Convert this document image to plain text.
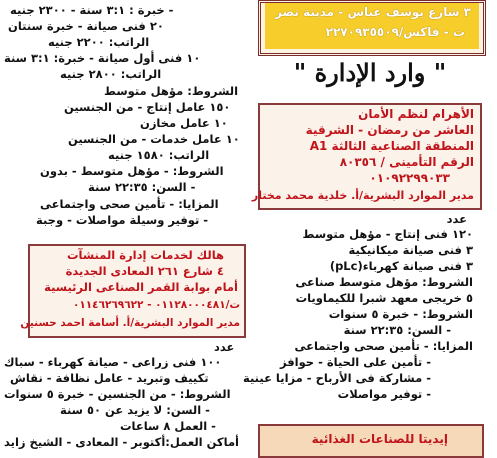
٣ شارع يوسف عباس - مدينة نصر
ت - فاكس/٢٢٧٠٩٣٥٥٠٩
" وارد الإدارة "
الأهرام لنظم الأمان
العاشر من رمضان - الشرقية
المنطقة الصناعية الثالثة A1
الرقم التأمينى / ٨٠٣٥٦
٠١٠٩٢٢٩٩٠٣٣
مدير الموارد البشرية/أ. خلدية محمد مختار
عدد
١٢٠ فنى إنتاج - مؤهل متوسط
٣ فنى صيانة ميكانيكية
٣ فنى صيانة كهرباء(pLc)
الشروط: مؤهل متوسط صناعى
٥ خريجى معهد شبرا للكيماويات
الشروط: - خبرة ٥ سنوات
- السن: ٢٢:٣٥ سنة
المزايا: - تأمين صحى واجتماعى
- تأمين على الحياة - حوافز
- مشاركة فى الأرباح - مزايا عينية
- توفير مواصلات
إيديتا للصناعات الغذائية
- خبرة : ٣:١ سنة - ٢٣٠٠ جنيه
٢٠ فنى صيانة - خبرة سنتان
الراتب: ٢٢٠٠ جنيه
١٠ فنى أول صيانة - خبرة: ٣:١ سنة
الراتب: ٢٨٠٠ جنيه
الشروط: مؤهل متوسط
١٥٠ عامل إنتاج - من الجنسين
١٠ عامل مخازن
١٠ عامل خدمات - من الجنسين
الراتب: ١٥٨٠ جنيه
الشروط: - مؤهل متوسط - بدون
- السن: ٢٢:٣٥ سنة
المزايا: - تأمين صحى واجتماعى
- توفير وسيلة مواصلات - وجبة
هالك لخدمات إدارة المنشآت
٤ شارع ٢٦١ المعادى الجديدة
أمام بوابة القمر الصناعى الرئيسية
ت/٠١١٢٨٠٠٠٤٨١ - ٠١١٤٦٢٦٩٦٢٢
مدير الموارد البشرية/أ. أسامة احمد حسنين
عدد
١٠٠ فنى زراعى - صيانة كهرباء - سباك
تكييف وتبريد - عامل نظافة - نقاش
الشروط: - من الجنسين - خبرة ٥ سنوات
- السن: لا يزيد عن ٥٠ سنة
- العمل ٨ ساعات
أماكن العمل:أكتوبر - المعادى - الشيخ زايد
